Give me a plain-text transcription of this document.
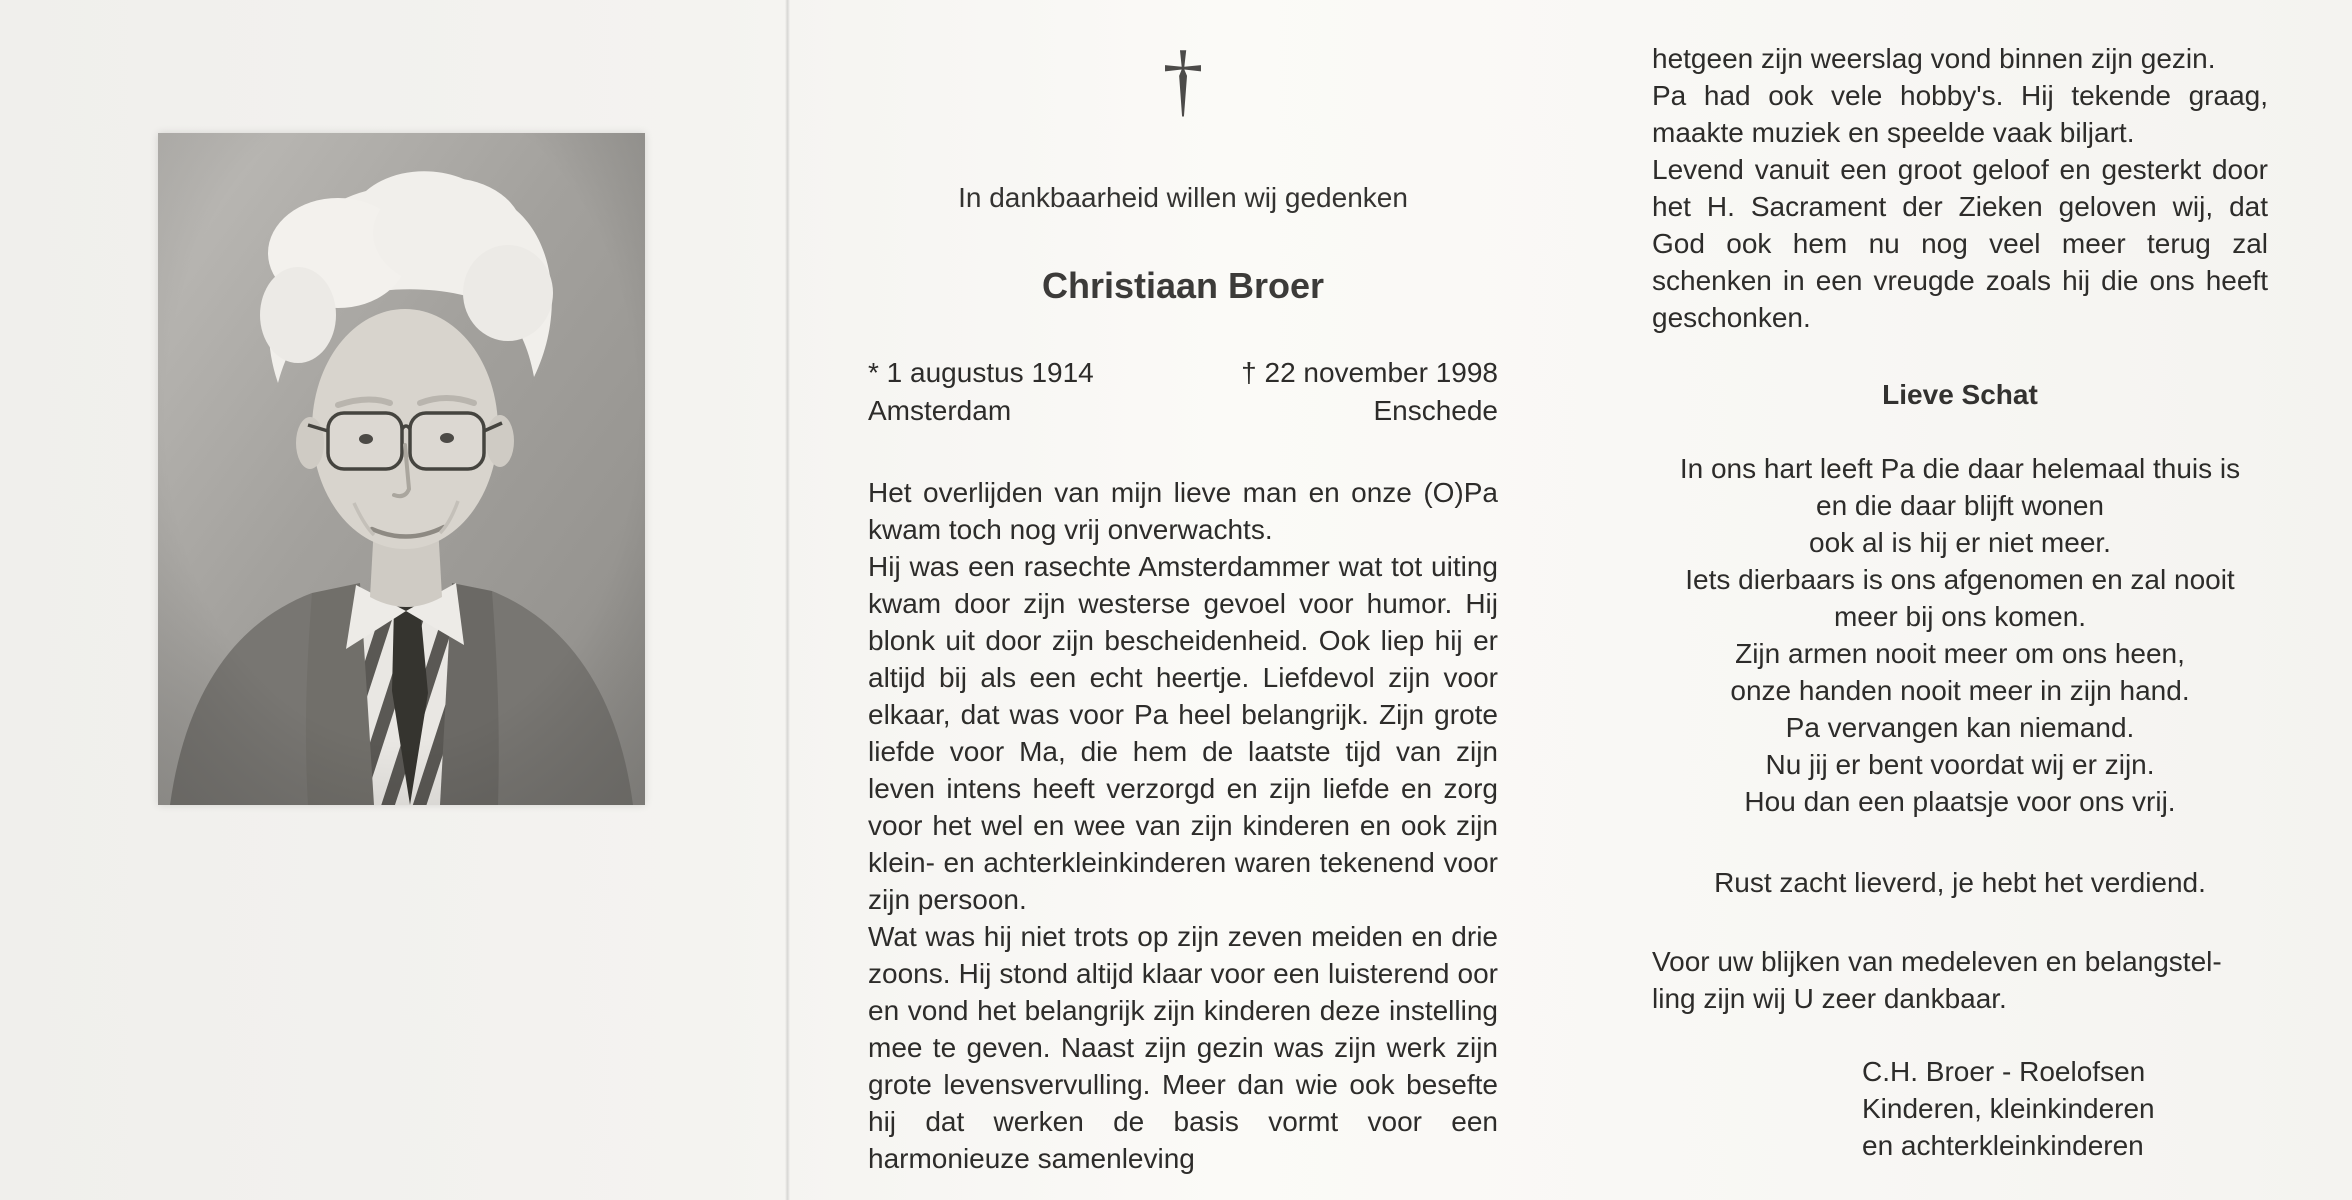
†
In dankbaarheid willen wij gedenken
Christiaan Broer
* 1 augustus 1914	† 22 november 1998
Amsterdam	Enschede

Het overlijden van mijn lieve man en onze (O)Pa kwam toch nog vrij onverwachts.

Hij was een rasechte Amsterdammer wat tot uiting kwam door zijn westerse gevoel voor humor. Hij blonk uit door zijn bescheidenheid. Ook liep hij er altijd bij als een echt heertje. Liefdevol zijn voor elkaar, dat was voor Pa heel belangrijk. Zijn grote liefde voor Ma, die hem de laatste tijd van zijn leven intens heeft verzorgd en zijn liefde en zorg voor het wel en wee van zijn kinderen en ook zijn klein- en achterkleinkinderen waren tekenend voor zijn persoon.

Wat was hij niet trots op zijn zeven meiden en drie zoons. Hij stond altijd klaar voor een luisterend oor en vond het belangrijk zijn kinderen deze instelling mee te geven. Naast zijn gezin was zijn werk zijn grote levensvervulling. Meer dan wie ook besefte hij dat werken de basis vormt voor een harmonieuze samenleving

hetgeen zijn weerslag vond binnen zijn gezin.

Pa had ook vele hobby's. Hij tekende graag, maakte muziek en speelde vaak biljart.

Levend vanuit een groot geloof en gesterkt door het H. Sacrament der Zieken geloven wij, dat God ook hem nu nog veel meer terug zal schenken in een vreugde zoals hij die ons heeft geschonken.

Lieve Schat
In ons hart leeft Pa die daar helemaal thuis is
en die daar blijft wonen
ook al is hij er niet meer.
Iets dierbaars is ons afgenomen en zal nooit
meer bij ons komen.
Zijn armen nooit meer om ons heen,
onze handen nooit meer in zijn hand.
Pa vervangen kan niemand.
Nu jij er bent voordat wij er zijn.
Hou dan een plaatsje voor ons vrij.
Rust zacht lieverd, je hebt het verdiend.
Voor uw blijken van medeleven en belangstel-
ling zijn wij U zeer dankbaar.
C.H. Broer - Roelofsen
Kinderen, kleinkinderen
en achterkleinkinderen
